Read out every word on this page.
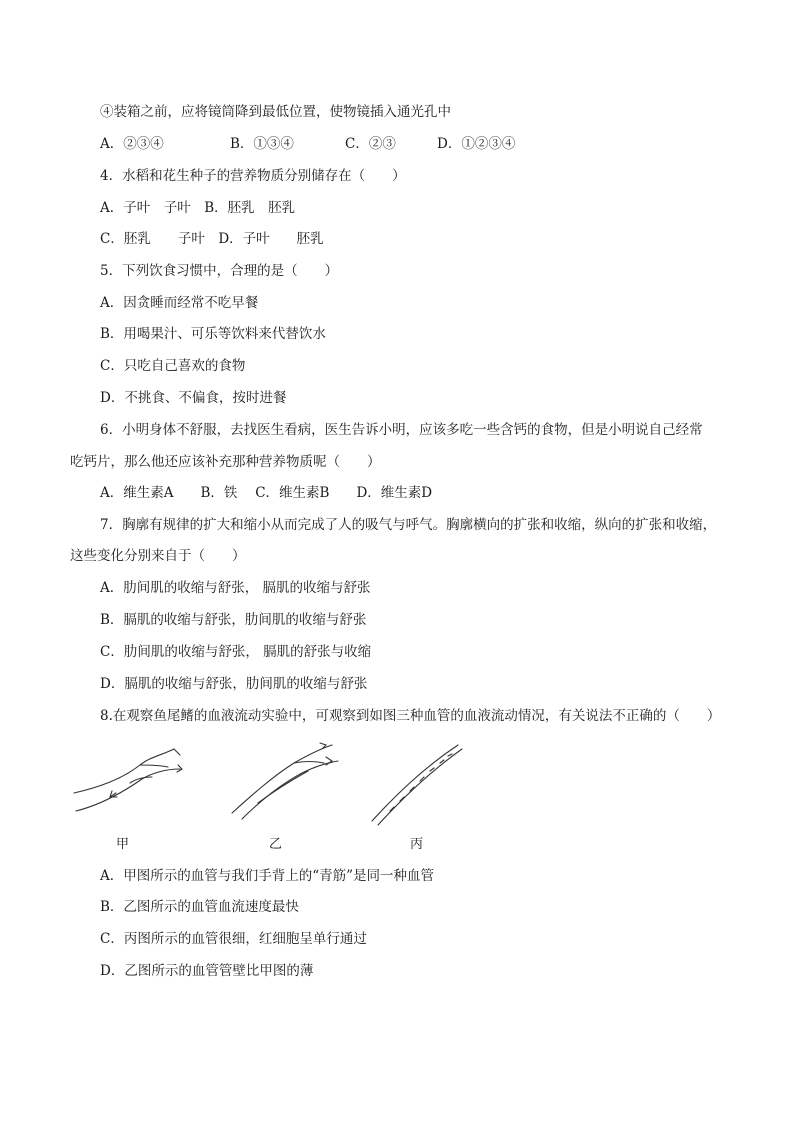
④装箱之前，应将镜筒降到最低位置，使物镜插入通光孔中
A．②③④	B．①③④	C．②③	D．①②③④
4．水稻和花生种子的营养物质分别储存在（　　）
A．子叶　子叶　B．胚乳　胚乳
C．胚乳　　子叶　D．子叶　　胚乳
5．下列饮食习惯中，合理的是（　　）
A．因贪睡而经常不吃早餐
B．用喝果汁、可乐等饮料来代替饮水
C．只吃自己喜欢的食物
D．不挑食、不偏食，按时进餐
6．小明身体不舒服，去找医生看病，医生告诉小明，应该多吃一些含钙的食物，但是小明说自己经常
吃钙片，那么他还应该补充那种营养物质呢（　　）
A．维生素A　　B．铁　 C．维生素B　　D．维生素D
7．胸廓有规律的扩大和缩小从而完成了人的吸气与呼气。胸廓横向的扩张和收缩，纵向的扩张和收缩，
这些变化分别来自于（　　）
A．肋间肌的收缩与舒张， 膈肌的收缩与舒张
B．膈肌的收缩与舒张，肋间肌的收缩与舒张
C．肋间肌的收缩与舒张， 膈肌的舒张与收缩
D．膈肌的收缩与舒张，肋间肌的收缩与舒张
8.在观察鱼尾鳍的血液流动实验中，可观察到如图三种血管的血液流动情况，有关说法不正确的（　　）
甲	乙	丙
A．甲图所示的血管与我们手背上的“青筋”是同一种血管
B．乙图所示的血管血流速度最快
C．丙图所示的血管很细，红细胞呈单行通过
D．乙图所示的血管管壁比甲图的薄
